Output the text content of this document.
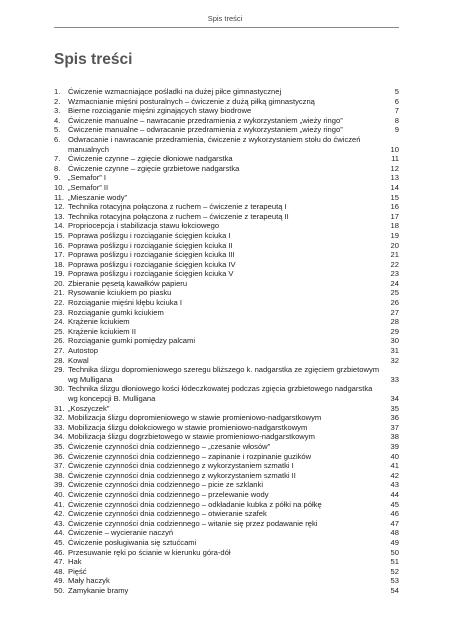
Spis treści
Spis treści
1. Ćwiczenie wzmacniające pośladki na dużej piłce gimnastycznej	5
2. Wzmacnianie mięśni posturalnych – ćwiczenie z dużą piłką gimnastyczną	6
3. Bierne rozciąganie mięśni zginających stawy biodrowe	7
4. Ćwiczenie manualne – nawracanie przedramienia z wykorzystaniem „wieży ringo”	8
5. Ćwiczenie manualne – odwracanie przedramienia z wykorzystaniem „wieży ringo”	9
6. Odwracanie i nawracanie przedramienia, ćwiczenie z wykorzystaniem stołu do ćwiczeń manualnych	10
7. Ćwiczenie czynne – zgięcie dłoniowe nadgarstka	11
8. Ćwiczenie czynne – zgięcie grzbietowe nadgarstka	12
9. „Semafor” I	13
10. „Semafor” II	14
11. „Mieszanie wody”	15
12. Technika rotacyjna połączona z ruchem – ćwiczenie z terapeutą I	16
13. Technika rotacyjna połączona z ruchem – ćwiczenie z terapeutą II	17
14. Propriocepcja i stabilizacja stawu łokciowego	18
15. Poprawa poślizgu i rozciąganie ścięgien kciuka I	19
16. Poprawa poślizgu i rozciąganie ścięgien kciuka II	20
17. Poprawa poślizgu i rozciąganie ścięgien kciuka III	21
18. Poprawa poślizgu i rozciąganie ścięgien kciuka IV	22
19. Poprawa poślizgu i rozciąganie ścięgien kciuka V	23
20. Zbieranie pęsetą kawałków papieru	24
21. Rysowanie kciukiem po piasku	25
22. Rozciąganie mięśni kłębu kciuka I	26
23. Rozciąganie gumki kciukiem	27
24. Krążenie kciukiem	28
25. Krążenie kciukiem II	29
26. Rozciąganie gumki pomiędzy palcami	30
27. Autostop	31
28. Kowal	32
29. Technika ślizgu dopromieniowego szeregu bliższego k. nadgarstka ze zgięciem grzbietowym wg Mulligana	33
30. Technika ślizgu dłoniowego kości łódeczkowatej podczas zgięcia grzbietowego nadgarstka wg koncepcji B. Mulligana	34
31. „Koszyczek”	35
32. Mobilizacja ślizgu dopromieniowego w stawie promieniowo-nadgarstkowym	36
33. Mobilizacja ślizgu dołokciowego w stawie promieniowo-nadgarstkowym	37
34. Mobilizacja ślizgu dogrzbietowego w stawie promieniowo-nadgarstkowym	38
35. Ćwiczenie czynności dnia codziennego – „czesanie włosów”	39
36. Ćwiczenie czynności dnia codziennego – zapinanie i rozpinanie guzików	40
37. Ćwiczenie czynności dnia codziennego z wykorzystaniem szmatki I	41
38. Ćwiczenie czynności dnia codziennego z wykorzystaniem szmatki II	42
39. Ćwiczenie czynności dnia codziennego – picie ze szklanki	43
40. Ćwiczenie czynności dnia codziennego – przelewanie wody	44
41. Ćwiczenie czynności dnia codziennego – odkładanie kubka z półki na półkę	45
42. Ćwiczenie czynności dnia codziennego – otwieranie szafek	46
43. Ćwiczenie czynności dnia codziennego – witanie się przez podawanie ręki	47
44. Ćwiczenie – wycieranie naczyń	48
45. Ćwiczenie posługiwania się sztućcami	49
46. Przesuwanie ręki po ścianie w kierunku góra-dół	50
47. Hak	51
48. Pięść	52
49. Mały haczyk	53
50. Zamykanie bramy	54
